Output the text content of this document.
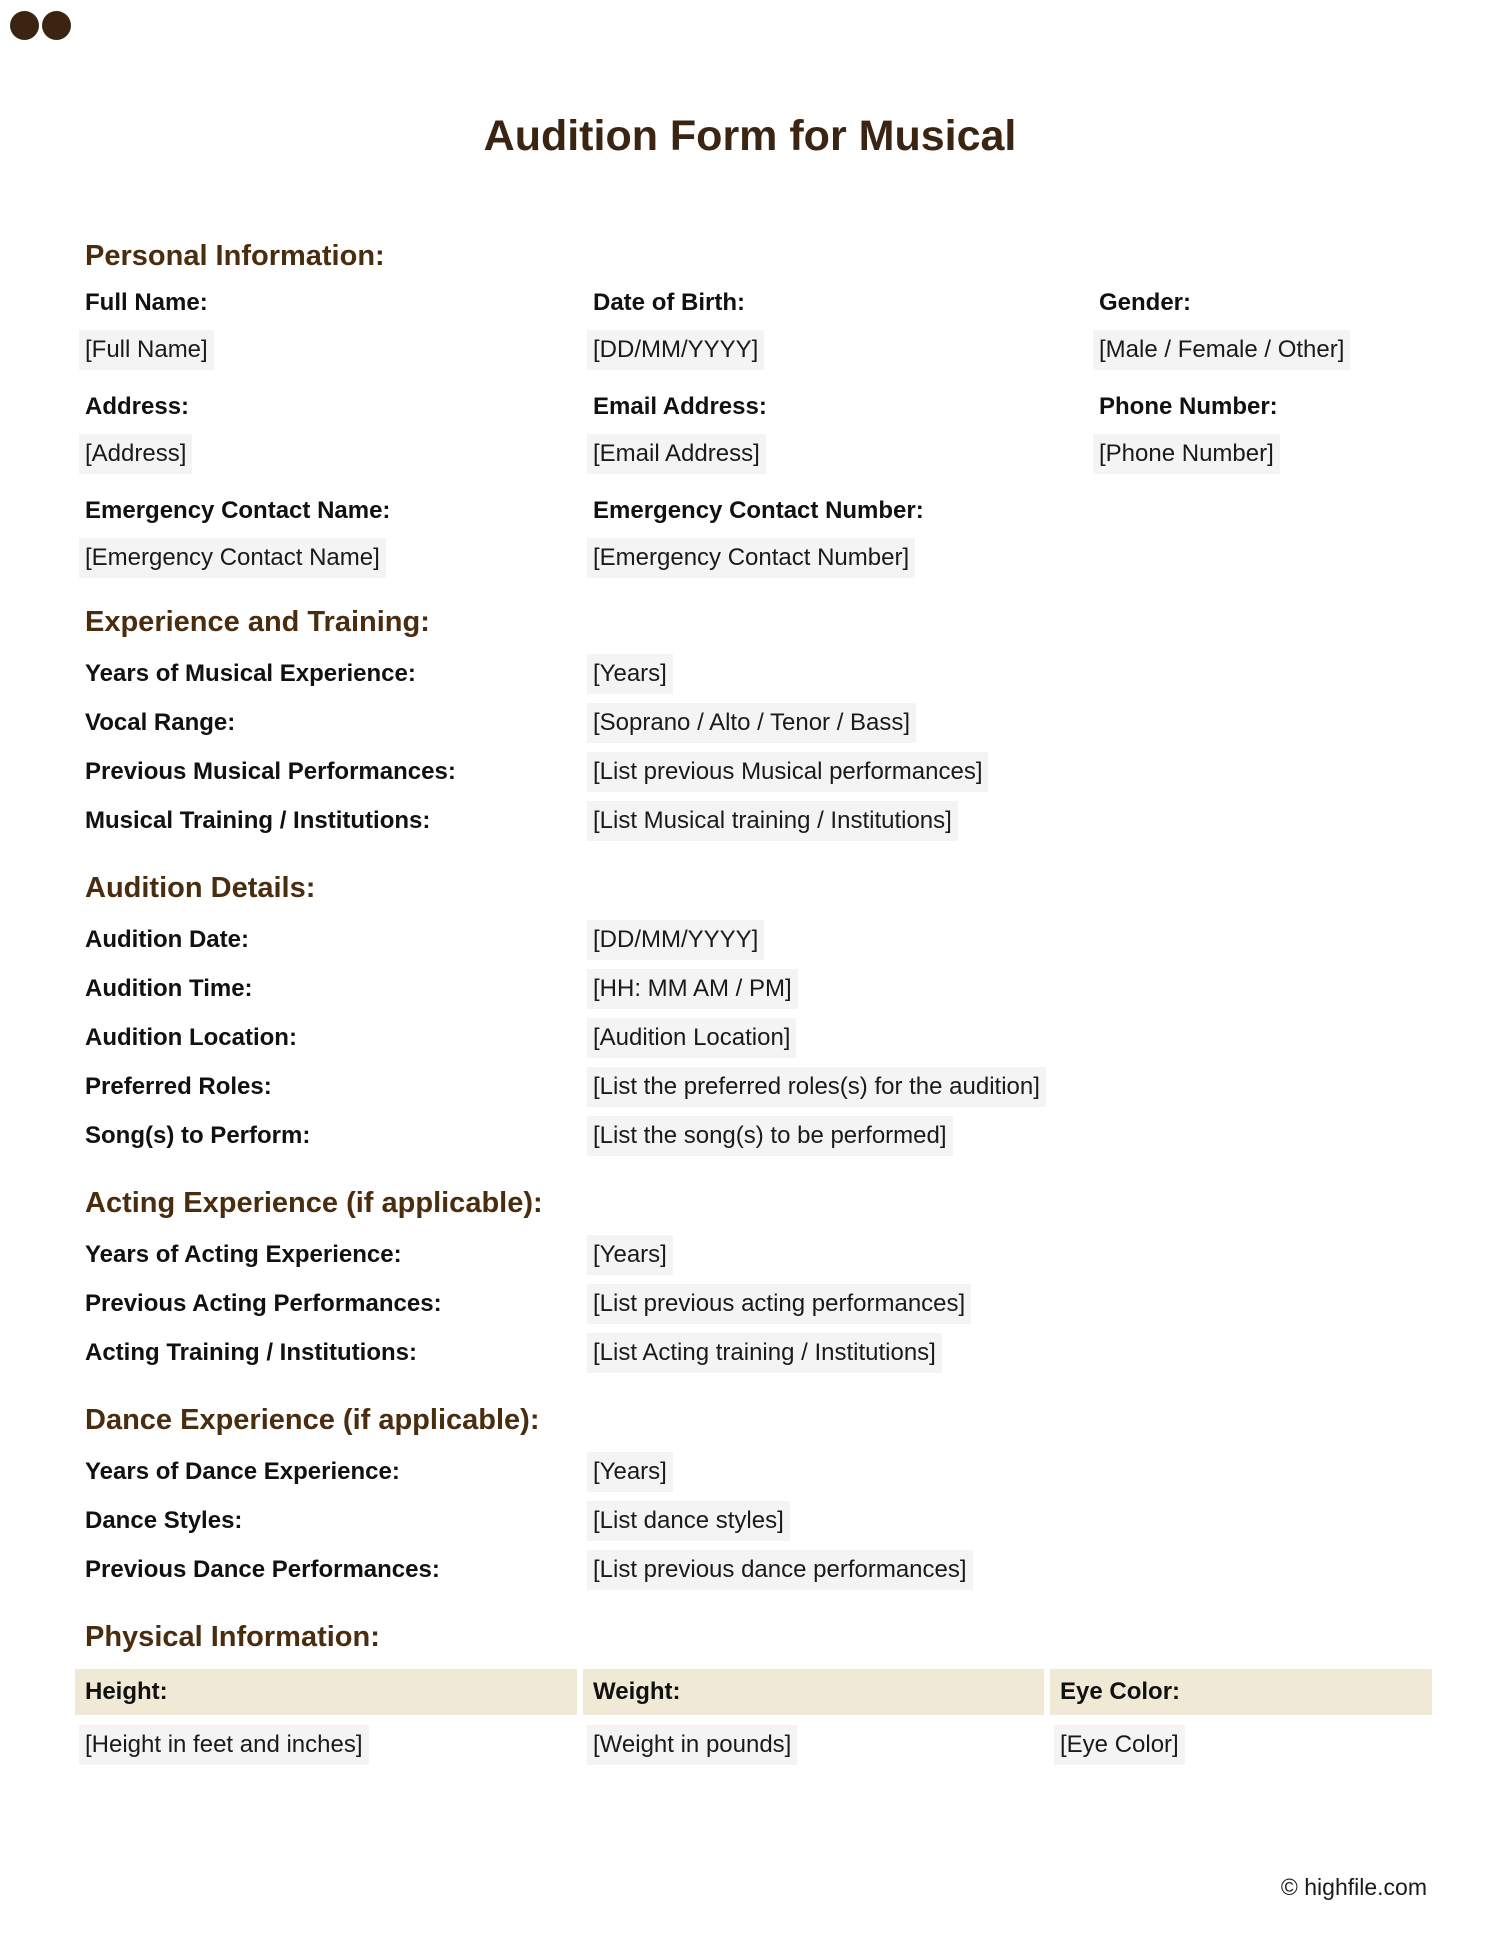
Audition Form for Musical
Personal Information:
Full Name:
[Full Name]
Date of Birth:
[DD/MM/YYYY]
Gender:
[Male / Female / Other]
Address:
[Address]
Email Address:
[Email Address]
Phone Number:
[Phone Number]
Emergency Contact Name:
[Emergency Contact Name]
Emergency Contact Number:
[Emergency Contact Number]
Experience and Training:
Years of Musical Experience:	[Years]
Vocal Range:	[Soprano / Alto / Tenor / Bass]
Previous Musical Performances:	[List previous Musical performances]
Musical Training / Institutions:	[List Musical training / Institutions]
Audition Details:
Audition Date:	[DD/MM/YYYY]
Audition Time:	[HH: MM AM / PM]
Audition Location:	[Audition Location]
Preferred Roles:	[List the preferred roles(s) for the audition]
Song(s) to Perform:	[List the song(s) to be performed]
Acting Experience (if applicable):
Years of Acting Experience:	[Years]
Previous Acting Performances:	[List previous acting performances]
Acting Training / Institutions:	[List Acting training / Institutions]
Dance Experience (if applicable):
Years of Dance Experience:	[Years]
Dance Styles:	[List dance styles]
Previous Dance Performances:	[List previous dance performances]
Physical Information:
Height:	Weight:	Eye Color:
[Height in feet and inches]	[Weight in pounds]	[Eye Color]
© highfile.com
